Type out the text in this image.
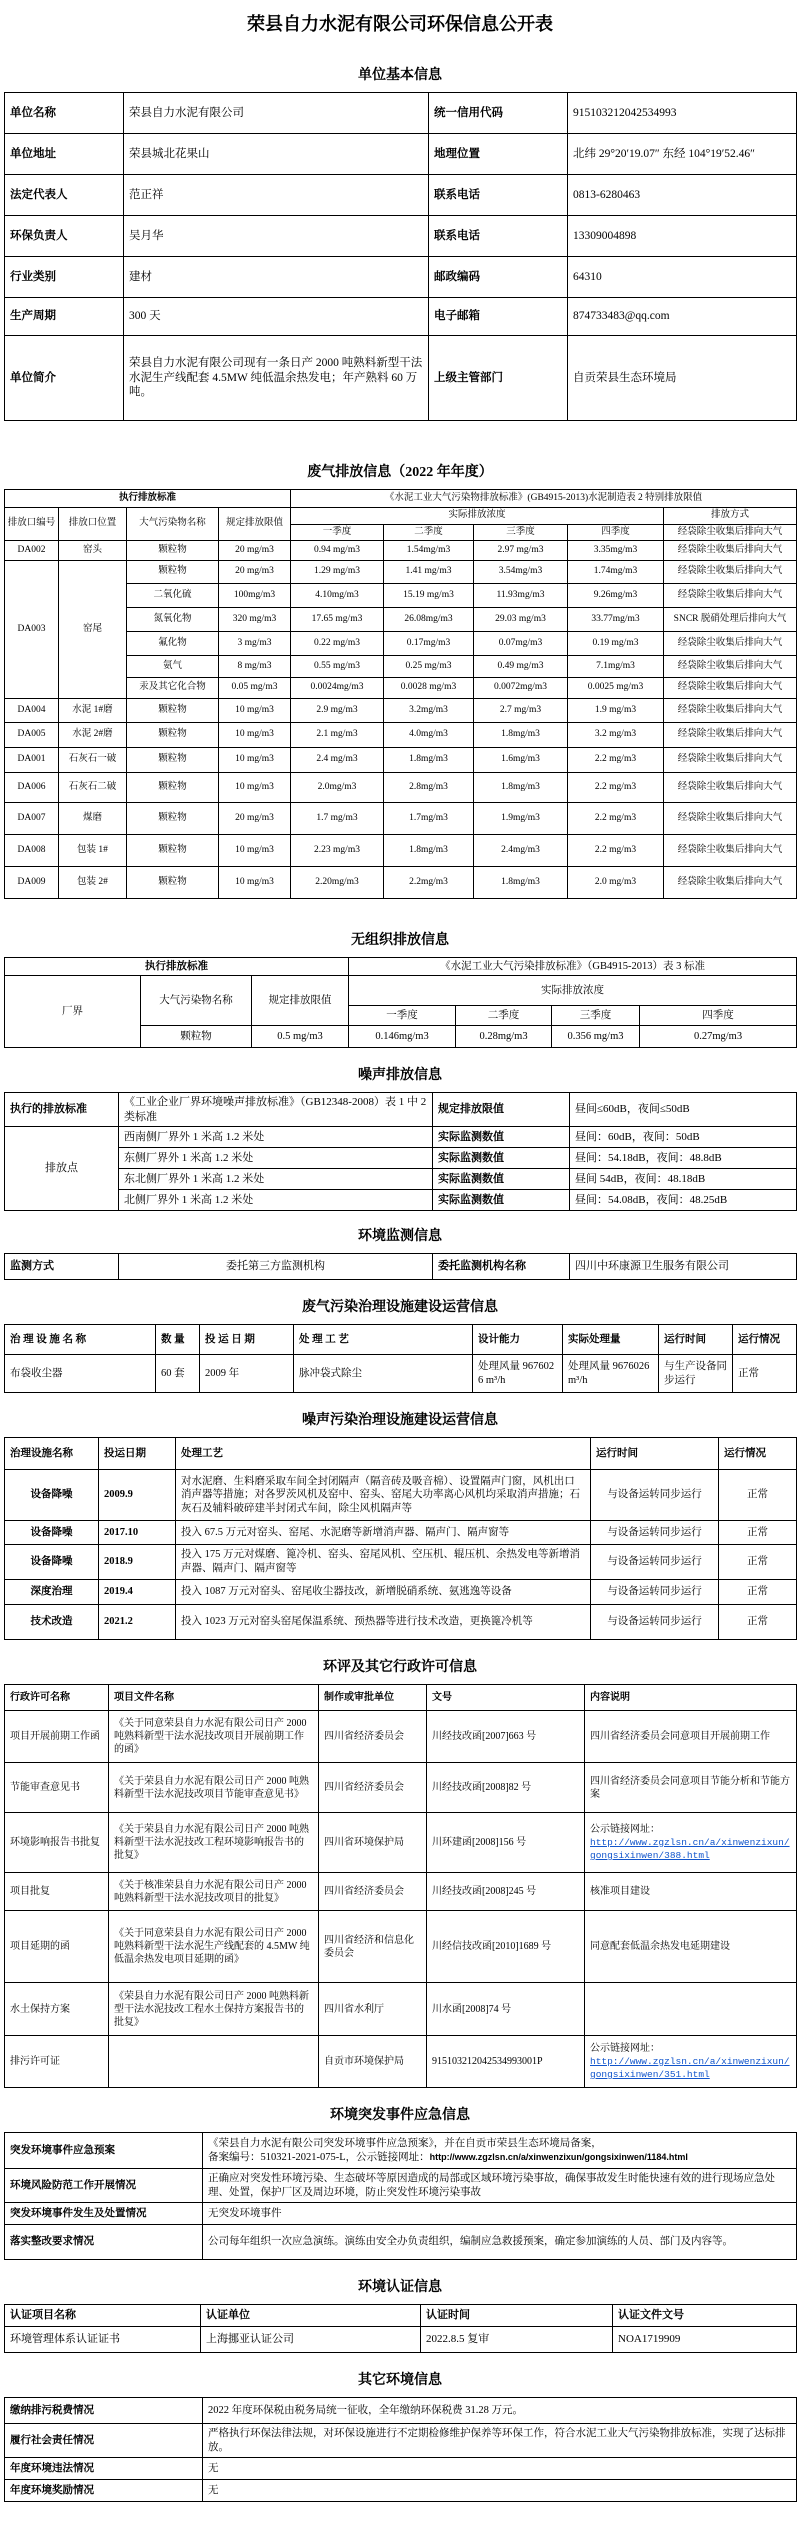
荣县自力水泥有限公司环保信息公开表
单位基本信息
单位名称	荣县自力水泥有限公司	统一信用代码	915103212042534993
单位地址	荣县城北花果山	地理位置	北纬 29°20′19.07″ 东经 104°19′52.46″
法定代表人	范正祥	联系电话	0813-6280463
环保负责人	吴月华	联系电话	13309004898
行业类别	建材	邮政编码	64310
生产周期	300 天	电子邮箱	874733483@qq.com
单位简介	荣县自力水泥有限公司现有一条日产 2000 吨熟料新型干法水泥生产线配套 4.5MW 纯低温余热发电；年产熟料 60 万吨。	上级主管部门	自贡荣县生态环境局
废气排放信息（2022 年年度）
执行排放标准				《水泥工业大气污染物排放标准》(GB4915-2013)水泥制造表 2 特别排放限值				
排放口编号	排放口位置	大气污染物名称	规定排放限值	实际排放浓度				排放方式
				一季度	二季度	三季度	四季度	经袋除尘收集后排向大气
DA002	窑头	颗粒物	20 mg/m3	0.94 mg/m3	1.54mg/m3	2.97 mg/m3	3.35mg/m3	经袋除尘收集后排向大气
DA003	窑尾	颗粒物	20 mg/m3	1.29 mg/m3	1.41 mg/m3	3.54mg/m3	1.74mg/m3	经袋除尘收集后排向大气
		二氧化硫	100mg/m3	4.10mg/m3	15.19 mg/m3	11.93mg/m3	9.26mg/m3	经袋除尘收集后排向大气
		氮氧化物	320 mg/m3	17.65 mg/m3	26.08mg/m3	29.03 mg/m3	33.77mg/m3	SNCR 脱硝处理后排向大气
		氟化物	3 mg/m3	0.22 mg/m3	0.17mg/m3	0.07mg/m3	0.19 mg/m3	经袋除尘收集后排向大气
		氨气	8 mg/m3	0.55 mg/m3	0.25 mg/m3	0.49 mg/m3	7.1mg/m3	经袋除尘收集后排向大气
		汞及其它化合物	0.05 mg/m3	0.0024mg/m3	0.0028 mg/m3	0.0072mg/m3	0.0025 mg/m3	经袋除尘收集后排向大气
DA004	水泥 1#磨	颗粒物	10 mg/m3	2.9 mg/m3	3.2mg/m3	2.7 mg/m3	1.9 mg/m3	经袋除尘收集后排向大气
DA005	水泥 2#磨	颗粒物	10 mg/m3	2.1 mg/m3	4.0mg/m3	1.8mg/m3	3.2 mg/m3	经袋除尘收集后排向大气
DA001	石灰石一破	颗粒物	10 mg/m3	2.4 mg/m3	1.8mg/m3	1.6mg/m3	2.2 mg/m3	经袋除尘收集后排向大气
DA006	石灰石二破	颗粒物	10 mg/m3	2.0mg/m3	2.8mg/m3	1.8mg/m3	2.2 mg/m3	经袋除尘收集后排向大气
DA007	煤磨	颗粒物	20 mg/m3	1.7 mg/m3	1.7mg/m3	1.9mg/m3	2.2 mg/m3	经袋除尘收集后排向大气
DA008	包装 1#	颗粒物	10 mg/m3	2.23 mg/m3	1.8mg/m3	2.4mg/m3	2.2 mg/m3	经袋除尘收集后排向大气
DA009	包装 2#	颗粒物	10 mg/m3	2.20mg/m3	2.2mg/m3	1.8mg/m3	2.0 mg/m3	经袋除尘收集后排向大气
无组织排放信息
执行排放标准			《水泥工业大气污染排放标准》（GB4915-2013）表 3 标准			
厂界	大气污染物名称	规定排放限值	实际排放浓度			
			一季度	二季度	三季度	四季度
	颗粒物	0.5 mg/m3	0.146mg/m3	0.28mg/m3	0.356 mg/m3	0.27mg/m3
噪声排放信息
执行的排放标准	《工业企业厂界环境噪声排放标准》（GB12348-2008）表 1 中 2 类标准	规定排放限值	昼间≤60dB，夜间≤50dB
排放点	西南侧厂界外 1 米高 1.2 米处	实际监测数值	昼间：60dB，夜间：50dB
	东侧厂界外 1 米高 1.2 米处	实际监测数值	昼间：54.18dB，夜间：48.8dB
	东北侧厂界外 1 米高 1.2 米处	实际监测数值	昼间 54dB，夜间：48.18dB
	北侧厂界外 1 米高 1.2 米处	实际监测数值	昼间：54.08dB，夜间：48.25dB
环境监测信息
监测方式	委托第三方监测机构	委托监测机构名称	四川中环康源卫生服务有限公司
废气污染治理设施建设运营信息
治 理 设 施 名 称	数 量	投 运 日 期	处 理 工 艺	设计能力	实际处理量	运行时间	运行情况
布袋收尘器	60 套	2009 年	脉冲袋式除尘	处理风量 9676026 m³/h	处理风量 9676026m³/h	与生产设备同步运行	正常
噪声污染治理设施建设运营信息
治理设施名称	投运日期	处理工艺	运行时间	运行情况
设备降噪	2009.9	对水泥磨、生料磨采取车间全封闭隔声（隔音砖及吸音棉）、设置隔声门窗，风机出口消声器等措施；对各罗茨风机及窑中、窑头、窑尾大功率离心风机均采取消声措施；石灰石及辅料破碎建半封闭式车间，除尘风机隔声等	与设备运转同步运行	正常
设备降噪	2017.10	投入 67.5 万元对窑头、窑尾、水泥磨等新增消声器、隔声门、隔声窗等	与设备运转同步运行	正常
设备降噪	2018.9	投入 175 万元对煤磨、篦冷机、窑头、窑尾风机、空压机、辊压机、余热发电等新增消声器、隔声门、隔声窗等	与设备运转同步运行	正常
深度治理	2019.4	投入 1087 万元对窑头、窑尾收尘器技改，新增脱硝系统、氨逃逸等设备	与设备运转同步运行	正常
技术改造	2021.2	投入 1023 万元对窑头窑尾保温系统、预热器等进行技术改造，更换篦冷机等	与设备运转同步运行	正常
环评及其它行政许可信息
行政许可名称	项目文件名称	制作或审批单位	文号	内容说明
项目开展前期工作函	《关于同意荣县自力水泥有限公司日产 2000 吨熟料新型干法水泥技改项目开展前期工作的函》	四川省经济委员会	川经技改函[2007]663 号	四川省经济委员会同意项目开展前期工作
节能审查意见书	《关于荣县自力水泥有限公司日产 2000 吨熟料新型干法水泥技改项目节能审查意见书》	四川省经济委员会	川经技改函[2008]82 号	四川省经济委员会同意项目节能分析和节能方案
环境影响报告书批复	《关于荣县自力水泥有限公司日产 2000 吨熟料新型干法水泥技改工程环境影响报告书的批复》	四川省环境保护局	川环建函[2008]156 号	公示链接网址：
http://www.zgzlsn.cn/a/xinwenzixun/gongsixinwen/388.html
项目批复	《关于核准荣县自力水泥有限公司日产 2000 吨熟料新型干法水泥技改项目的批复》	四川省经济委员会	川经技改函[2008]245 号	核准项目建设
项目延期的函	《关于同意荣县自力水泥有限公司日产 2000 吨熟料新型干法水泥生产线配套的 4.5MW 纯低温余热发电项目延期的函》	四川省经济和信息化委员会	川经信技改函[2010]1689 号	同意配套低温余热发电延期建设
水土保持方案	《荣县自力水泥有限公司日产 2000 吨熟料新型干法水泥技改工程水土保持方案报告书的批复》	四川省水利厅	川水函[2008]74 号	
排污许可证		自贡市环境保护局	915103212042534993001P	公示链接网址：
http://www.zgzlsn.cn/a/xinwenzixun/gongsixinwen/351.html
环境突发事件应急信息
突发环境事件应急预案	《荣县自力水泥有限公司突发环境事件应急预案》，并在自贡市荣县生态环境局备案，
备案编号：510321-2021-075-L，公示链接网址：http://www.zgzlsn.cn/a/xinwenzixun/gongsixinwen/1184.html

环境风险防范工作开展情况	正确应对突发性环境污染、生态破坏等原因造成的局部或区域环境污染事故，确保事故发生时能快速有效的进行现场应急处理、处置，保护厂区及周边环境，防止突发性环境污染事故
突发环境事件发生及处置情况	无突发环境事件
落实整改要求情况	公司每年组织一次应急演练。演练由安全办负责组织，编制应急救援预案，确定参加演练的人员、部门及内容等。
环境认证信息
认证项目名称	认证单位	认证时间	认证文件文号
环境管理体系认证证书	上海挪亚认证公司	2022.8.5 复审	NOA1719909
其它环境信息
缴纳排污税费情况	2022 年度环保税由税务局统一征收，全年缴纳环保税费 31.28 万元。
履行社会责任情况	严格执行环保法律法规，对环保设施进行不定期检修维护保养等环保工作，符合水泥工业大气污染物排放标准，实现了达标排放。
年度环境违法情况	无
年度环境奖励情况	无
